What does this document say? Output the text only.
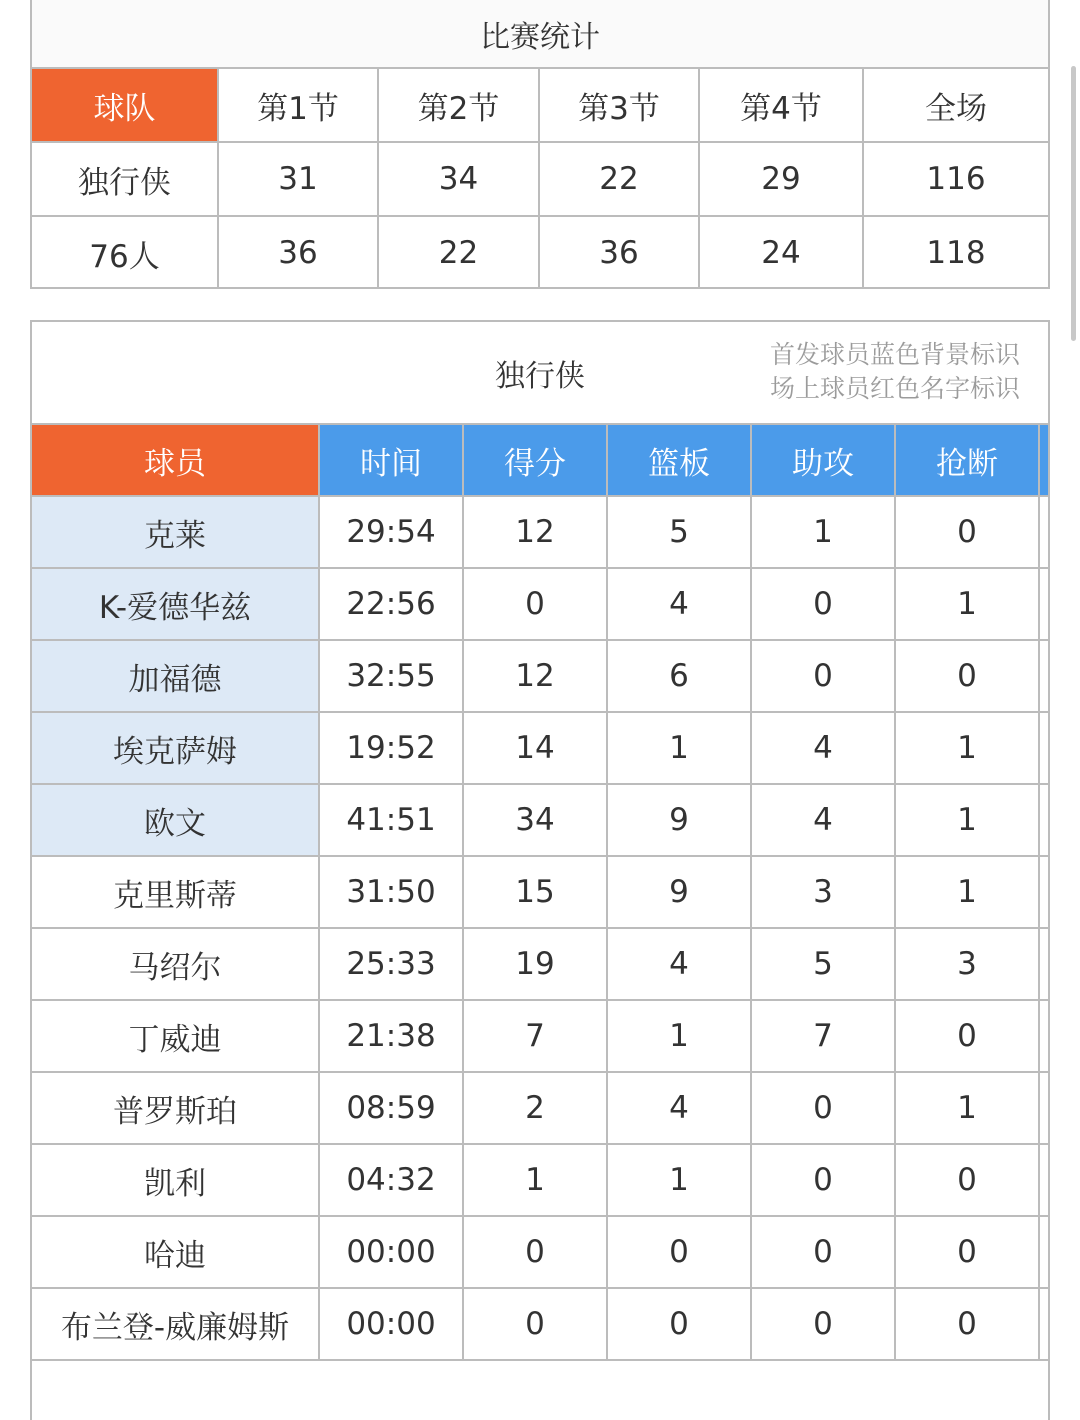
比赛统计
球队	第1节	第2节	第3节	第4节	全场
独行侠	31	34	22	29	116
76人	36	22	36	24	118
独行侠
首发球员蓝色背景标识
场上球员红色名字标识
球员	时间	得分	篮板	助攻	抢断	
克莱	29:54	12	5	1	0	
K-爱德华兹	22:56	0	4	0	1	
加福德	32:55	12	6	0	0	
埃克萨姆	19:52	14	1	4	1	
欧文	41:51	34	9	4	1	
克里斯蒂	31:50	15	9	3	1	
马绍尔	25:33	19	4	5	3	
丁威迪	21:38	7	1	7	0	
普罗斯珀	08:59	2	4	0	1	
凯利	04:32	1	1	0	0	
哈迪	00:00	0	0	0	0	
布兰登-威廉姆斯	00:00	0	0	0	0	
